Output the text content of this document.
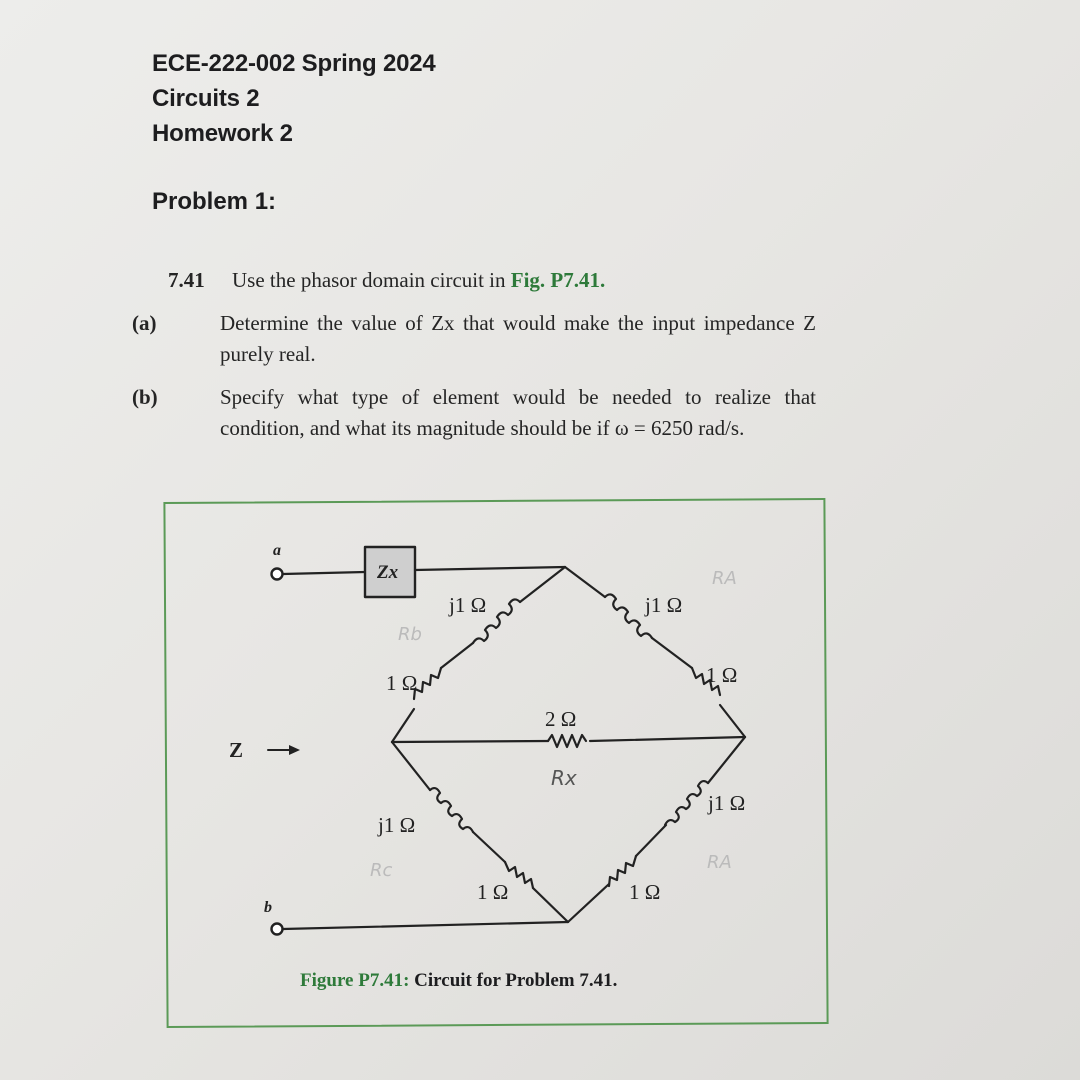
ECE-222-002 Spring 2024
Circuits 2
Homework 2
Problem 1:
7.41 Use the phasor domain circuit in Fig. P7.41.
(a)	Determine the value of Zx that would make the input impedance Z purely real.
(b)	Specify what type of element would be needed to realize that condition, and what its magnitude should be if ω = 6250 rad/s.
a
b
Z
Zx
j1 Ω	j1 Ω
1 Ω	1 Ω
2 Ω
j1 Ω
j1 Ω
1 Ω	1 Ω
Rx
Rb
RA
Rc	RA
Figure P7.41: Circuit for Problem 7.41.
